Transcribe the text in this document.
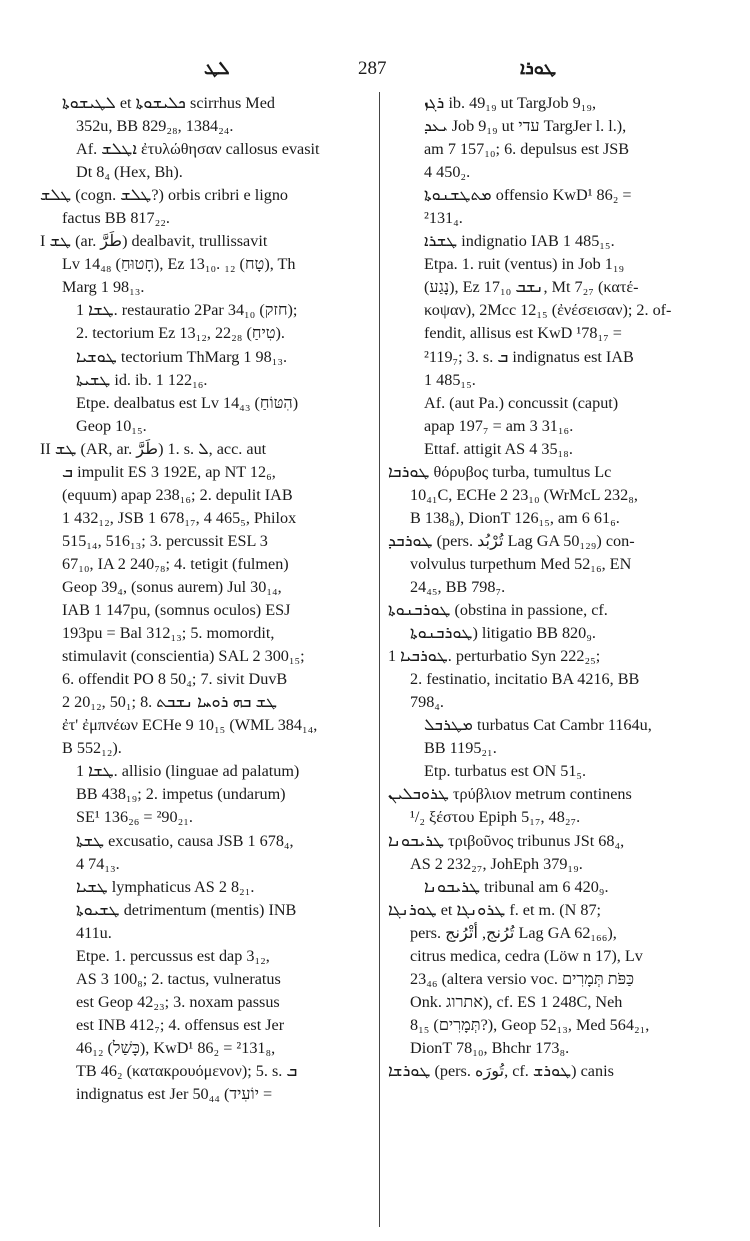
ܠܛ	287	ܛܘܪܐ
ܠܛܝܫܘܬܐ et ܟܠܝܫܘܬܐ scirrhus Med
352u, BB 829₂₈, 1384₂₄.
Af. ܐܛܠܫ ἐτυλώθησαν callosus evasit
Dt 8₄ (Hex, Bh).
ܛܠܫ (cogn. ܛܠܫ?) orbis cribri e ligno
factus BB 817₂₂.
I ܛܫ (ar. طَرَّ) dealbavit, trullissavit
Lv 14₄₈ (חָטוּחַ), Ez 13₁₀. ₁₂ (טָח), Th
Marg 1 98₁₃.
ܛܫܐ 1. restauratio 2Par 34₁₀ (חזק);
2. tectorium Ez 13₁₂, 22₂₈ (טִיחַ).
ܛܘܫܝܐ tectorium ThMarg 1 98₁₃.
ܛܫܝܬܐ id. ib. 1 122₁₆.
Etpe. dealbatus est Lv 14₄₃ (הִטּוֹחַ)
Geop 10₁₅.
II ܛܫ (AR, ar. طَرَّ) 1. s. ܠ, acc. aut
ܒ impulit ES 3 192E, ap NT 12₆,
(equum) apap 238₁₆; 2. depulit IAB
1 432₁₂, JSB 1 678₁₇, 4 465₅, Philox
515₁₄, 516₁₃; 3. percussit ESL 3
67₁₀, IA 2 240₇₈; 4. tetigit (fulmen)
Geop 39₄, (sonus aurem) Jul 30₁₄,
IAB 1 147pu, (somnus oculos) ESJ
193pu = Bal 312₁₃; 5. momordit,
stimulavit (conscientia) SAL 2 300₁₅;
6. offendit PO 8 50₄; 7. sivit DuvB
2 20₁₂, 50₁; 8. ܛܫ ܒܗ ܪܘܚܐ ܢܫܒܬ
ἐτ' ἐμπνέων ECHe 9 10₁₅ (WML 384₁₄,
B 552₁₂).
ܛܫܐ 1. allisio (linguae ad palatum)
BB 438₁₉; 2. impetus (undarum)
SE¹ 136₂₆ = ²90₂₁.
ܛܫܬܐ excusatio, causa JSB 1 678₄,
4 74₁₃.
ܛܫܝܐ lymphaticus AS 2 8₂₁.
ܛܫܝܘܬܐ detrimentum (mentis) INB
411u.
Etpe. 1. percussus est dap 3₁₂,
AS 3 100₈; 2. tactus, vulneratus
est Geop 42₂₃; 3. noxam passus
est INB 412₇; 4. offensus est Jer
46₁₂ (כָּשַׁל), KwD¹ 86₂ = ²131₈,
TB 46₂ (καταкρουόμενον); 5. s. ܒ
indignatus est Jer 50₄₄ (יוֹעִיד =
ܪܓܙ ib. 49₁₉ ut TargJob 9₁₉,
ܝܥܕ Job 9₁₉ ut עדי TargJer l. l.),
am 7 157₁₀; 6. depulsus est JSB
4 450₂.
ܡܬܛܫܢܘܬܐ offensio KwD¹ 86₂ =
²131₄.
ܛܫܪܐ indignatio IAB 1 485₁₅.
Etpa. 1. ruit (ventus) in Job 1₁₉
(נָגַע), Ez 17₁₀ ܢܫܒ, Mt 7₂₇ (κατέ-
κοψαν), 2Mcc 12₁₅ (ἐνέσεισαν); 2. of-
fendit, allisus est KwD ¹78₁₇ =
²119₇; 3. s. ܒ indignatus est IAB
1 485₁₅.
Af. (aut Pa.) concussit (caput)
apap 197₇ = am 3 31₁₆.
Ettaf. attigit AS 4 35₁₈.
ܛܘܪܒܐ θόρυβος turba, tumultus Lc
10₄₁C, ECHe 2 23₁₀ (WrMcL 232₈,
B 138₈), DionT 126₁₅, am 6 61₆.
ܛܘܪܒܕ (pers. تُرْبُد Lag GA 50₁₂₉) con-
volvulus turpethum Med 52₁₆, EN
24₄₅, BB 798₇.
ܛܘܪܒܢܘܬܐ (obstina in passione, cf.
ܛܘܪܒܢܘܬܐ) litigatio BB 820₉.
ܛܘܪܒܝܐ 1. perturbatio Syn 222₂₅;
2. festinatio, incitatio BA 4216, BB
798₄.
ܡܛܪܒܠ turbatus Cat Cambr 1164u,
BB 1195₂₁.
Etp. turbatus est ON 51₅.
ܛܪܘܒܠܝܢ τρύβλιον metrum continens
¹/₂ ξέστου Epiph 5₁₇, 48₂₇.
ܛܪܝܒܘܢܐ τριβοῦνος tribunus JSt 68₄,
AS 2 232₂₇, JohEph 379₁₉.
ܛܪܝܒܘܢܐ tribunal am 6 420₉.
ܛܘܪܢܓܐ et ܛܪܘܢܓܐ f. et m. (N 87;
pers. تُرُنج, أُتْرُنج Lag GA 62₁₆₆),
citrus medica, cedra (Löw n 17), Lv
23₄₆ (altera versio voc. כַּפֹּת תְּמָרִים
Onk. אתרוג), cf. ES 1 248C, Neh
8₁₅ (תְּמָרִים?), Geop 52₁₃, Med 564₂₁,
DionT 78₁₀, Bhchr 173₈.
ܛܘܪܫܐ (pers. تُورَه, cf. ܛܘܪܫ) canis
